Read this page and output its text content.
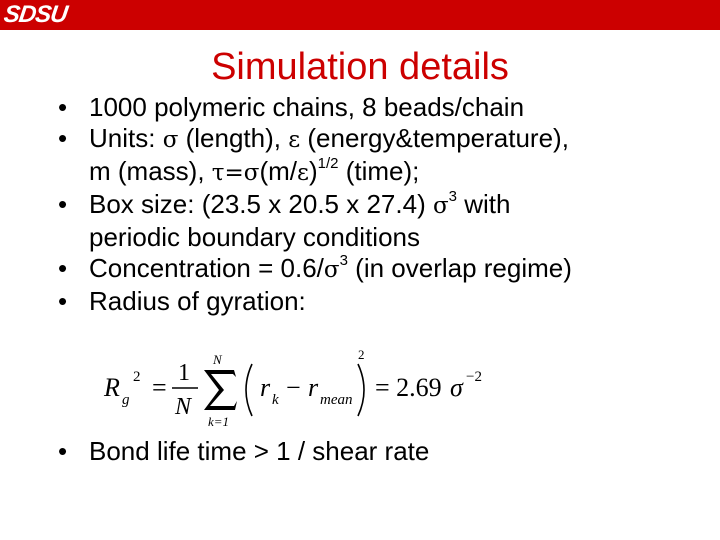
SDSU
Simulation details
• 1000 polymeric chains, 8 beads/chain
• Units: σ (length), ε (energy&temperature),
m (mass), $\tau=\sigma(m/\varepsilon)^{1/2}$ (time);
• Box size: (23.5 x 20.5 x 27.4) $\sigma^3$ with
periodic boundary conditions
• Concentration = $0.6/\sigma^3$ (in overlap regime)
• Radius of gyration:
R g
2 = 1
N
N
k=1
r k − r mean
2
= 2.69 σ −2
• Bond life time > 1 / shear rate
